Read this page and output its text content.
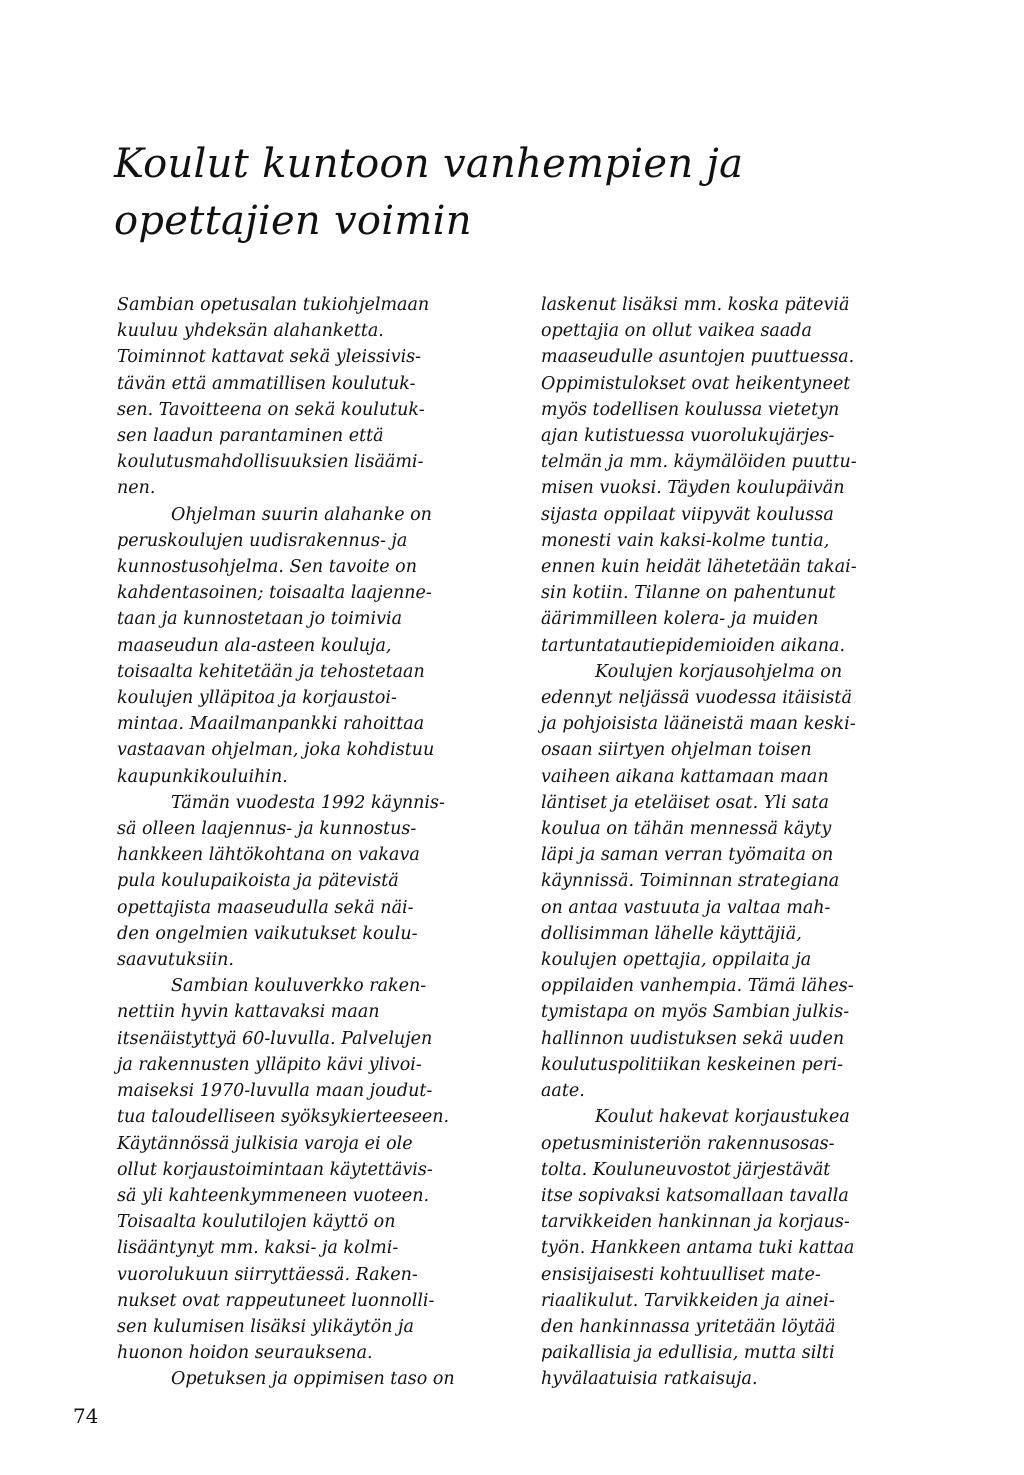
Koulut kuntoon vanhempien ja
opettajien voimin
Sambian opetusalan tukiohjelmaan
kuuluu yhdeksän alahanketta.
Toiminnot kattavat sekä yleissivis-
tävän että ammatillisen koulutuk-
sen. Tavoitteena on sekä koulutuk-
sen laadun parantaminen että
koulutusmahdollisuuksien lisäämi-
nen.
Ohjelman suurin alahanke on
peruskoulujen uudisrakennus- ja
kunnostusohjelma. Sen tavoite on
kahdentasoinen; toisaalta laajenne-
taan ja kunnostetaan jo toimivia
maaseudun ala-asteen kouluja,
toisaalta kehitetään ja tehostetaan
koulujen ylläpitoa ja korjaustoi-
mintaa. Maailmanpankki rahoittaa
vastaavan ohjelman, joka kohdistuu
kaupunkikouluihin.
Tämän vuodesta 1992 käynnis-
sä olleen laajennus- ja kunnostus-
hankkeen lähtökohtana on vakava
pula koulupaikoista ja pätevistä
opettajista maaseudulla sekä näi-
den ongelmien vaikutukset koulu-
saavutuksiin.
Sambian kouluverkko raken-
nettiin hyvin kattavaksi maan
itsenäistyttyä 60-luvulla. Palvelujen
ja rakennusten ylläpito kävi ylivoi-
maiseksi 1970-luvulla maan joudut-
tua taloudelliseen syöksykierteeseen.
Käytännössä julkisia varoja ei ole
ollut korjaustoimintaan käytettävis-
sä yli kahteenkymmeneen vuoteen.
Toisaalta koulutilojen käyttö on
lisääntynyt mm. kaksi- ja kolmi-
vuorolukuun siirryttäessä. Raken-
nukset ovat rappeutuneet luonnolli-
sen kulumisen lisäksi ylikäytön ja
huonon hoidon seurauksena.
Opetuksen ja oppimisen taso on
laskenut lisäksi mm. koska päteviä
opettajia on ollut vaikea saada
maaseudulle asuntojen puuttuessa.
Oppimistulokset ovat heikentyneet
myös todellisen koulussa vietetyn
ajan kutistuessa vuorolukujärjes-
telmän ja mm. käymälöiden puuttu-
misen vuoksi. Täyden koulupäivän
sijasta oppilaat viipyvät koulussa
monesti vain kaksi-kolme tuntia,
ennen kuin heidät lähetetään takai-
sin kotiin. Tilanne on pahentunut
äärimmilleen kolera- ja muiden
tartuntatautiepidemioiden aikana.
Koulujen korjausohjelma on
edennyt neljässä vuodessa itäisistä
ja pohjoisista lääneistä maan keski-
osaan siirtyen ohjelman toisen
vaiheen aikana kattamaan maan
läntiset ja eteläiset osat. Yli sata
koulua on tähän mennessä käyty
läpi ja saman verran työmaita on
käynnissä. Toiminnan strategiana
on antaa vastuuta ja valtaa mah-
dollisimman lähelle käyttäjiä,
koulujen opettajia, oppilaita ja
oppilaiden vanhempia. Tämä lähes-
tymistapa on myös Sambian julkis-
hallinnon uudistuksen sekä uuden
koulutuspolitiikan keskeinen peri-
aate.
Koulut hakevat korjaustukea
opetusministeriön rakennusosas-
tolta. Kouluneuvostot järjestävät
itse sopivaksi katsomallaan tavalla
tarvikkeiden hankinnan ja korjaus-
työn. Hankkeen antama tuki kattaa
ensisijaisesti kohtuulliset mate-
riaalikulut. Tarvikkeiden ja ainei-
den hankinnassa yritetään löytää
paikallisia ja edullisia, mutta silti
hyvälaatuisia ratkaisuja.
74
